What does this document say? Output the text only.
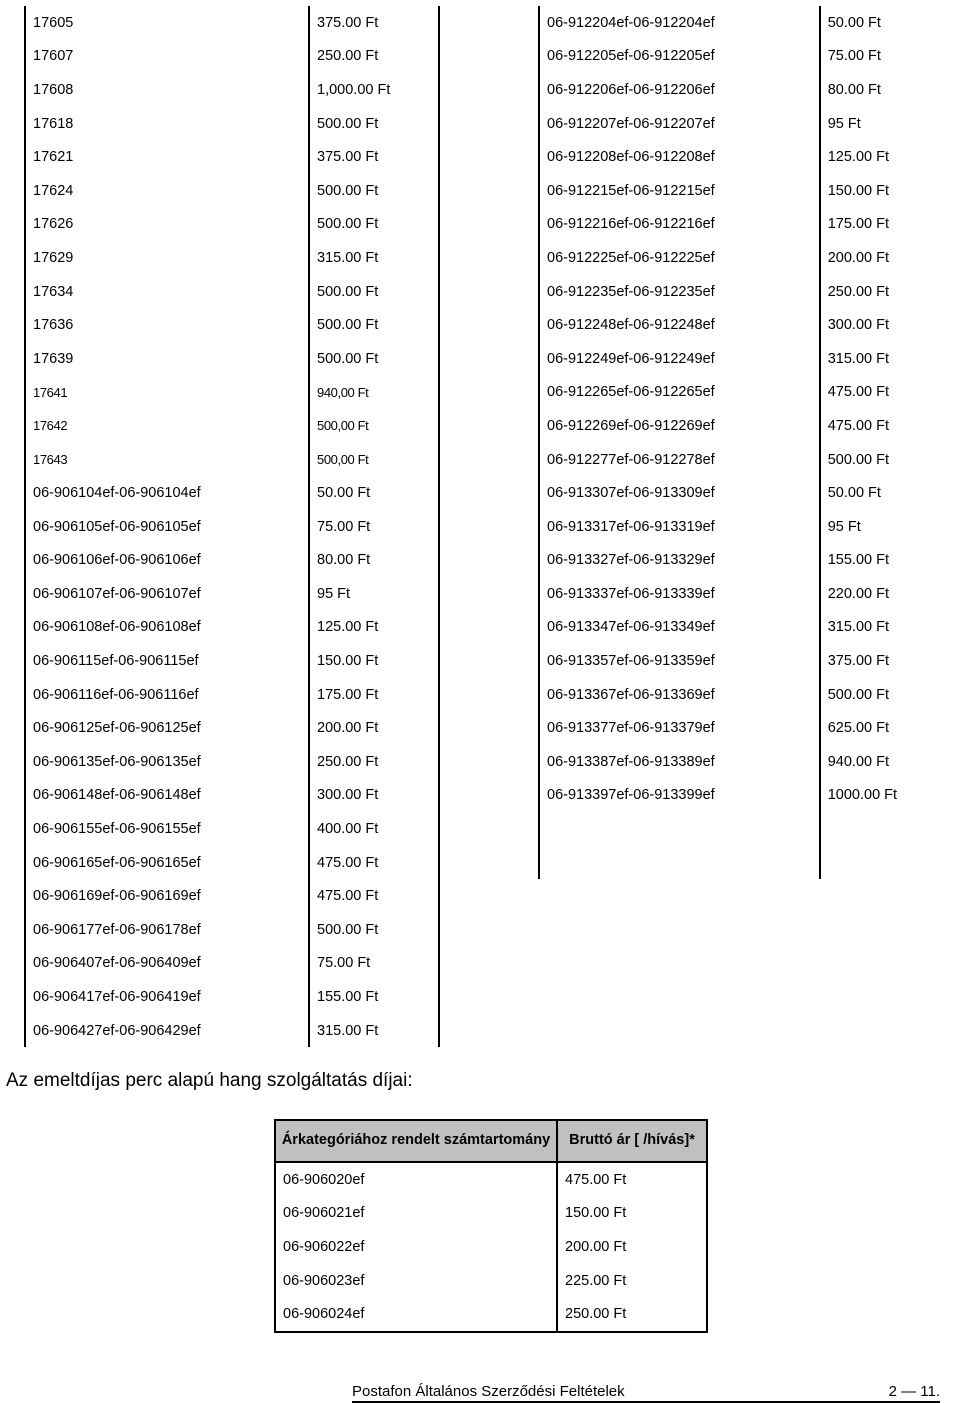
17605	375.00 Ft
17607	250.00 Ft
17608	1,000.00 Ft
17618	500.00 Ft
17621	375.00 Ft
17624	500.00 Ft
17626	500.00 Ft
17629	315.00 Ft
17634	500.00 Ft
17636	500.00 Ft
17639	500.00 Ft
17641	940,00 Ft
17642	500,00 Ft
17643	500,00 Ft
06-906104ef-06-906104ef	50.00 Ft
06-906105ef-06-906105ef	75.00 Ft
06-906106ef-06-906106ef	80.00 Ft
06-906107ef-06-906107ef	95 Ft
06-906108ef-06-906108ef	125.00 Ft
06-906115ef-06-906115ef	150.00 Ft
06-906116ef-06-906116ef	175.00 Ft
06-906125ef-06-906125ef	200.00 Ft
06-906135ef-06-906135ef	250.00 Ft
06-906148ef-06-906148ef	300.00 Ft
06-906155ef-06-906155ef	400.00 Ft
06-906165ef-06-906165ef	475.00 Ft
06-906169ef-06-906169ef	475.00 Ft
06-906177ef-06-906178ef	500.00 Ft
06-906407ef-06-906409ef	75.00 Ft
06-906417ef-06-906419ef	155.00 Ft
06-906427ef-06-906429ef	315.00 Ft
06-912204ef-06-912204ef	50.00 Ft
06-912205ef-06-912205ef	75.00 Ft
06-912206ef-06-912206ef	80.00 Ft
06-912207ef-06-912207ef	95 Ft
06-912208ef-06-912208ef	125.00 Ft
06-912215ef-06-912215ef	150.00 Ft
06-912216ef-06-912216ef	175.00 Ft
06-912225ef-06-912225ef	200.00 Ft
06-912235ef-06-912235ef	250.00 Ft
06-912248ef-06-912248ef	300.00 Ft
06-912249ef-06-912249ef	315.00 Ft
06-912265ef-06-912265ef	475.00 Ft
06-912269ef-06-912269ef	475.00 Ft
06-912277ef-06-912278ef	500.00 Ft
06-913307ef-06-913309ef	50.00 Ft
06-913317ef-06-913319ef	95 Ft
06-913327ef-06-913329ef	155.00 Ft
06-913337ef-06-913339ef	220.00 Ft
06-913347ef-06-913349ef	315.00 Ft
06-913357ef-06-913359ef	375.00 Ft
06-913367ef-06-913369ef	500.00 Ft
06-913377ef-06-913379ef	625.00 Ft
06-913387ef-06-913389ef	940.00 Ft
06-913397ef-06-913399ef	1000.00 Ft

Az emeltdíjas perc alapú hang szolgáltatás díjai:
Árkategóriához rendelt számtartomány	Bruttó ár [ /hívás]*
06-906020ef	475.00 Ft
06-906021ef	150.00 Ft
06-906022ef	200.00 Ft
06-906023ef	225.00 Ft
06-906024ef	250.00 Ft
Postafon Általános Szerződési Feltételek	2 — 11.
